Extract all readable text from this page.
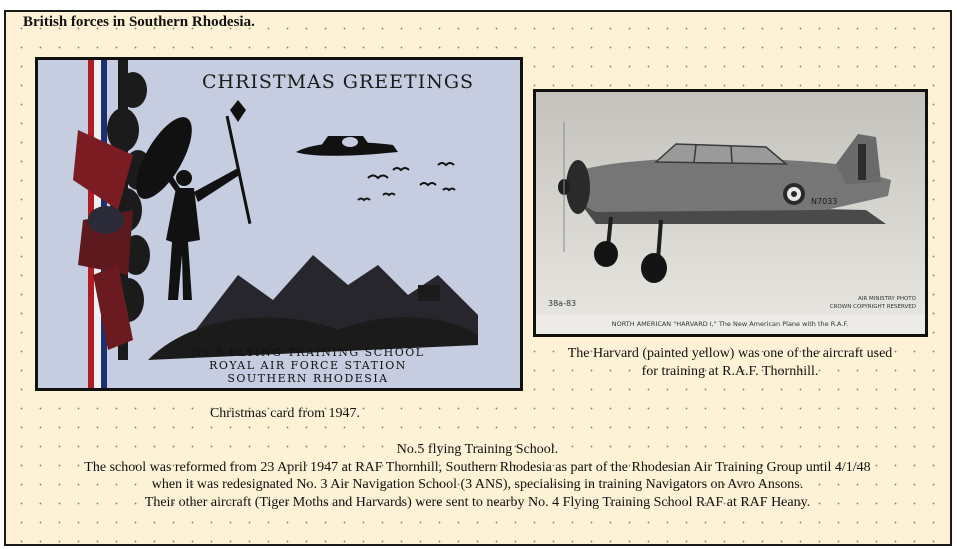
British forces in Southern Rhodesia.
CHRISTMAS GREETINGS
No 5 FLYING TRAINING SCHOOL
ROYAL AIR FORCE STATION
SOUTHERN RHODESIA
N7033
38a-83	AIR MINISTRY PHOTO
CROWN COPYRIGHT RESERVED
NORTH AMERICAN "HARVARD I," The New American Plane with the R.A.F.
Christmas card from 1947.
The Harvard (painted yellow) was one of the aircraft used
for training at R.A.F. Thornhill.
No.5 flying Training School.
The school was reformed from 23 April 1947 at RAF Thornhill, Southern Rhodesia as part of the Rhodesian Air Training Group until 4/1/48
when it was redesignated No. 3 Air Navigation School (3 ANS), specialising in training Navigators on Avro Ansons.
Their other aircraft (Tiger Moths and Harvards) were sent to nearby No. 4 Flying Training School RAF at RAF Heany.
